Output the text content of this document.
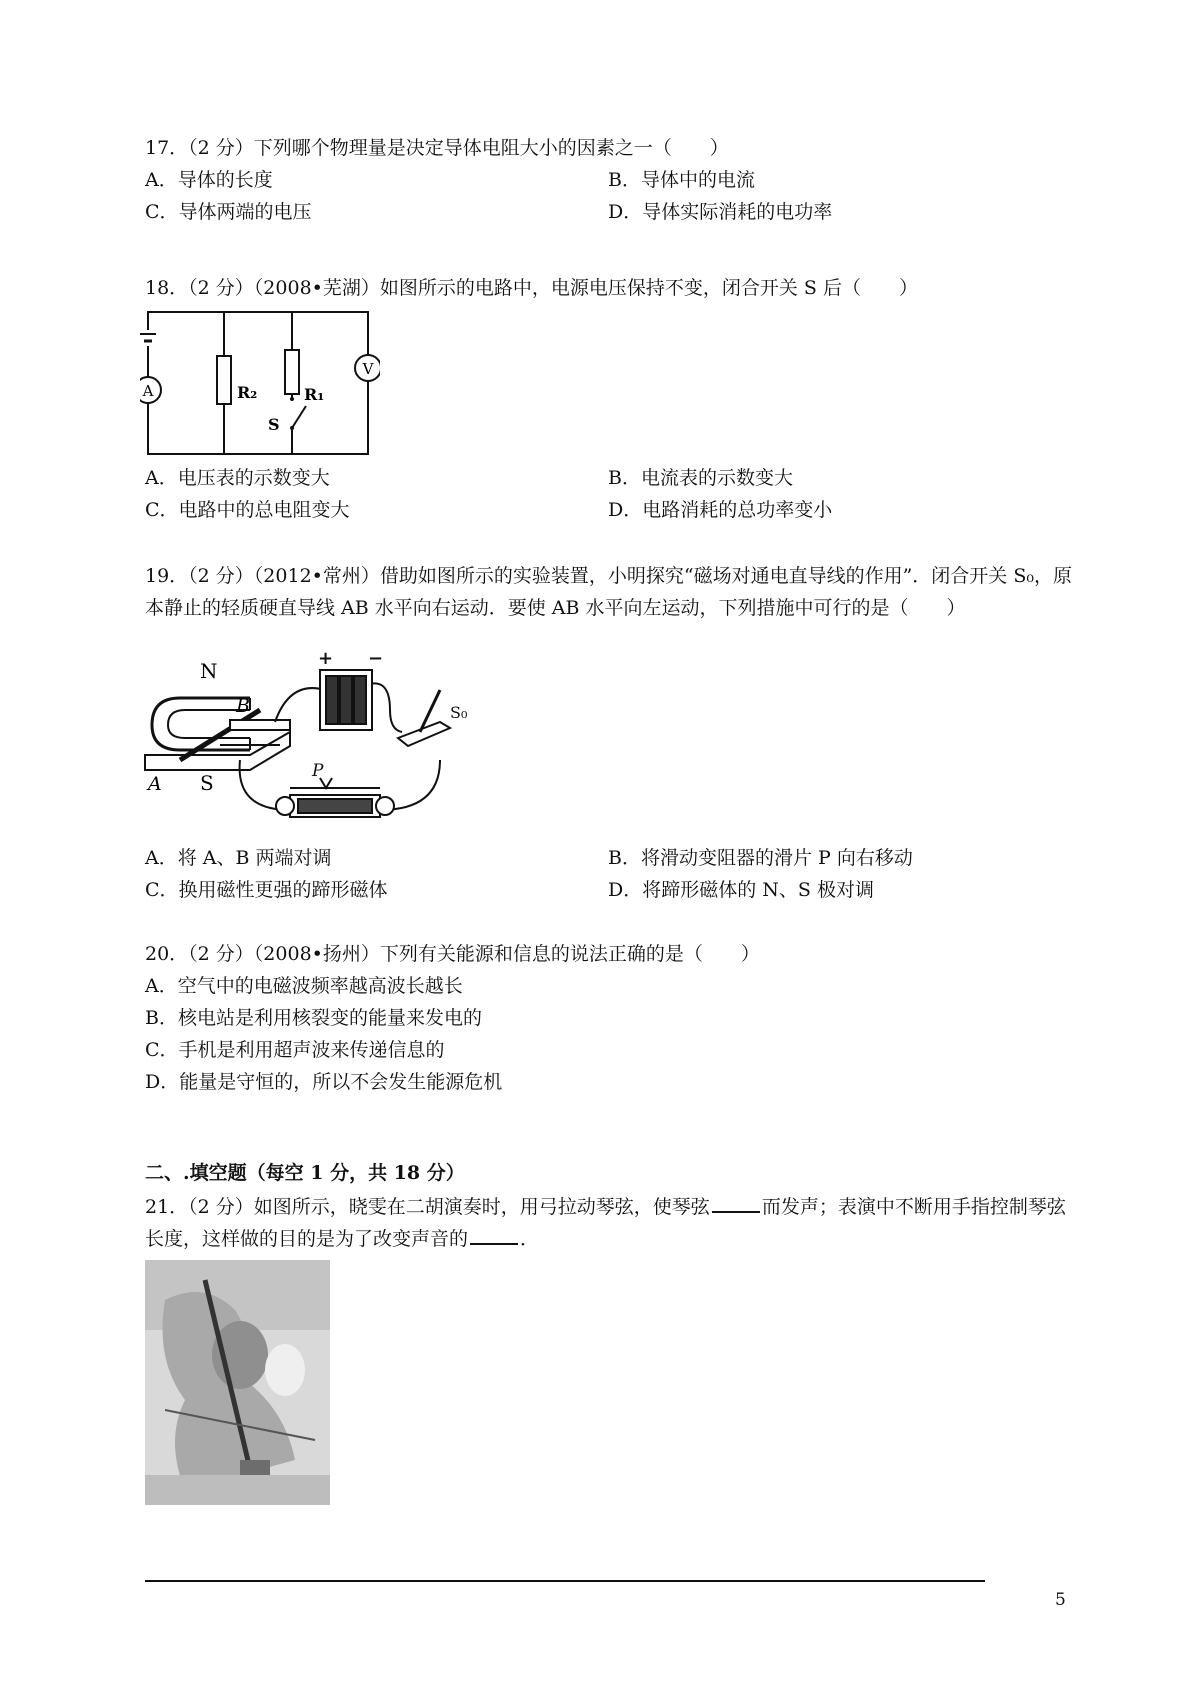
17．（2 分）下列哪个物理量是决定导体电阻大小的因素之一（　　）
A．导体的长度	B．导体中的电流
C．导体两端的电压	D．导体实际消耗的电功率
18．（2 分）（2008•芜湖）如图所示的电路中，电源电压保持不变，闭合开关 S 后（　　）
A	R₂	R₁
S
V
A．电压表的示数变大	B．电流表的示数变大
C．电路中的总电阻变大	D．电路消耗的总功率变小
19．（2 分）（2012•常州）借助如图所示的实验装置，小明探究“磁场对通电直导线的作用”．闭合开关 S₀，原本静止的轻质硬直导线 AB 水平向右运动．要使 AB 水平向左运动，下列措施中可行的是（　　）
+ −
S₀
P
N
S
A
B
A．将 A、B 两端对调	B．将滑动变阻器的滑片 P 向右移动
C．换用磁性更强的蹄形磁体	D．将蹄形磁体的 N、S 极对调
20．（2 分）（2008•扬州）下列有关能源和信息的说法正确的是（　　）
A．空气中的电磁波频率越高波长越长
B．核电站是利用核裂变的能量来发电的
C．手机是利用超声波来传递信息的
D．能量是守恒的，所以不会发生能源危机
二、.填空题（每空 1 分，共 18 分）
21．（2 分）如图所示，晓雯在二胡演奏时，用弓拉动琴弦，使琴弦	而发声；表演中不断用手指控制琴弦长度，这样做的目的是为了改变声音的	．
5
